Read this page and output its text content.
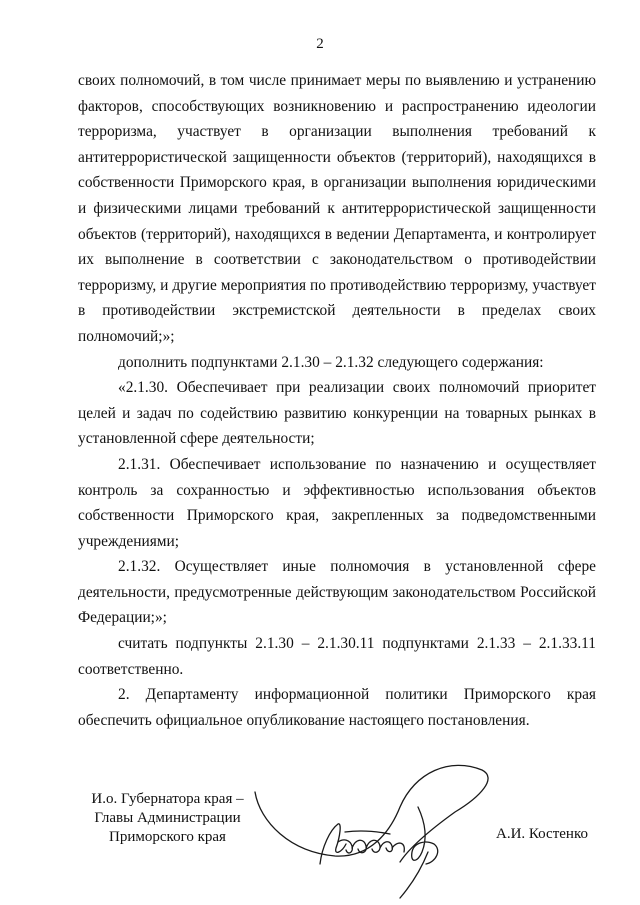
2

своих полномочий, в том числе принимает меры по выявлению и устранению факторов, способствующих возникновению и распространению идеологии терроризма, участвует в организации выполнения требований к антитеррористической защищенности объектов (территорий), находящихся в собственности Приморского края, в организации выполнения юридическими и физическими лицами требований к антитеррористической защищенности объектов (территорий), находящихся в ведении Департамента, и контролирует их выполнение в соответствии с законодательством о противодействии терроризму, и другие мероприятия по противодействию терроризму, участвует в противодействии экстремистской деятельности в пределах своих полномочий;»;

дополнить подпунктами 2.1.30 – 2.1.32 следующего содержания:

«2.1.30. Обеспечивает при реализации своих полномочий приоритет целей и задач по содействию развитию конкуренции на товарных рынках в установленной сфере деятельности;

2.1.31. Обеспечивает использование по назначению и осуществляет контроль за сохранностью и эффективностью использования объектов собственности Приморского края, закрепленных за подведомственными учреждениями;

2.1.32. Осуществляет иные полномочия в установленной сфере деятельности, предусмотренные действующим законодательством Российской Федерации;»;

считать подпункты 2.1.30 – 2.1.30.11 подпунктами 2.1.33 – 2.1.33.11 соответственно.

2. Департаменту информационной политики Приморского края обеспечить официальное опубликование настоящего постановления.

И.о. Губернатора края –
Главы Администрации
Приморского края	А.И. Костенко
